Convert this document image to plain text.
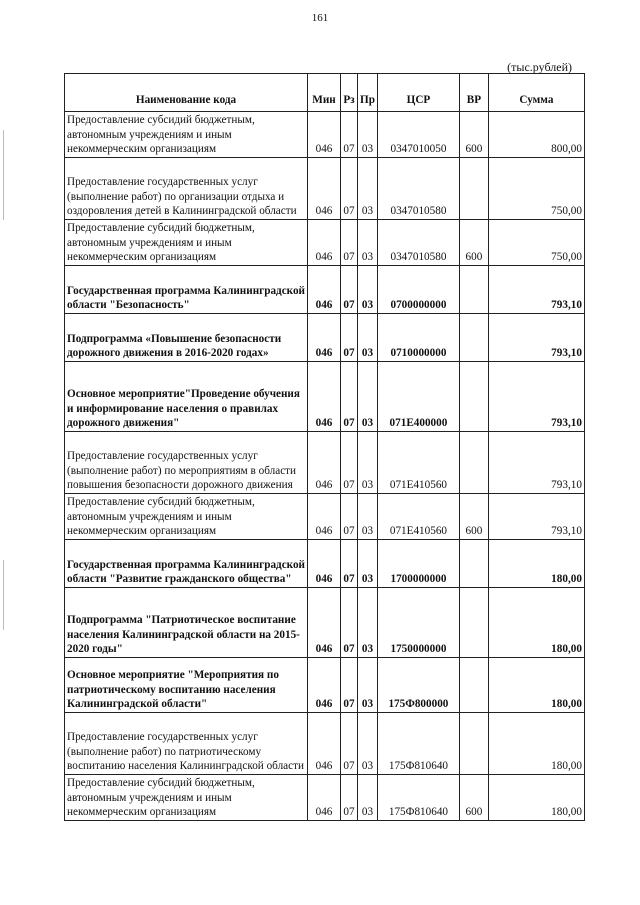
161
(тыс.рублей)
Наименование кода	Мин	Рз	Пр	ЦСР	ВР	Сумма
Предоставление субсидий бюджетным, автономным учреждениям и иным некоммерческим организациям	046	07	03	0347010050	600	800,00
Предоставление государственных услуг (выполнение работ) по организации отдыха и оздоровления детей в Калининградской области	046	07	03	0347010580		750,00
Предоставление субсидий бюджетным, автономным учреждениям и иным некоммерческим организациям	046	07	03	0347010580	600	750,00
Государственная программа Калининградской области "Безопасность"	046	07	03	0700000000		793,10
Подпрограмма «Повышение безопасности дорожного движения в 2016-2020 годах»	046	07	03	0710000000		793,10
Основное мероприятие"Проведение обучения и информирование населения о правилах дорожного движения"	046	07	03	071Е400000		793,10
Предоставление государственных услуг (выполнение работ) по мероприятиям в области повышения безопасности дорожного движения	046	07	03	071Е410560		793,10
Предоставление субсидий бюджетным, автономным учреждениям и иным некоммерческим организациям	046	07	03	071Е410560	600	793,10
Государственная программа Калининградской области "Развитие гражданского общества"	046	07	03	1700000000		180,00
Подпрограмма "Патриотическое воспитание населения Калининградской области на 2015-2020 годы"	046	07	03	1750000000		180,00
Основное мероприятие "Мероприятия по патриотическому воспитанию населения Калининградской области"	046	07	03	175Ф800000		180,00
Предоставление государственных услуг (выполнение работ) по патриотическому воспитанию населения Калининградской области	046	07	03	175Ф810640		180,00
Предоставление субсидий бюджетным, автономным учреждениям и иным некоммерческим организациям	046	07	03	175Ф810640	600	180,00
